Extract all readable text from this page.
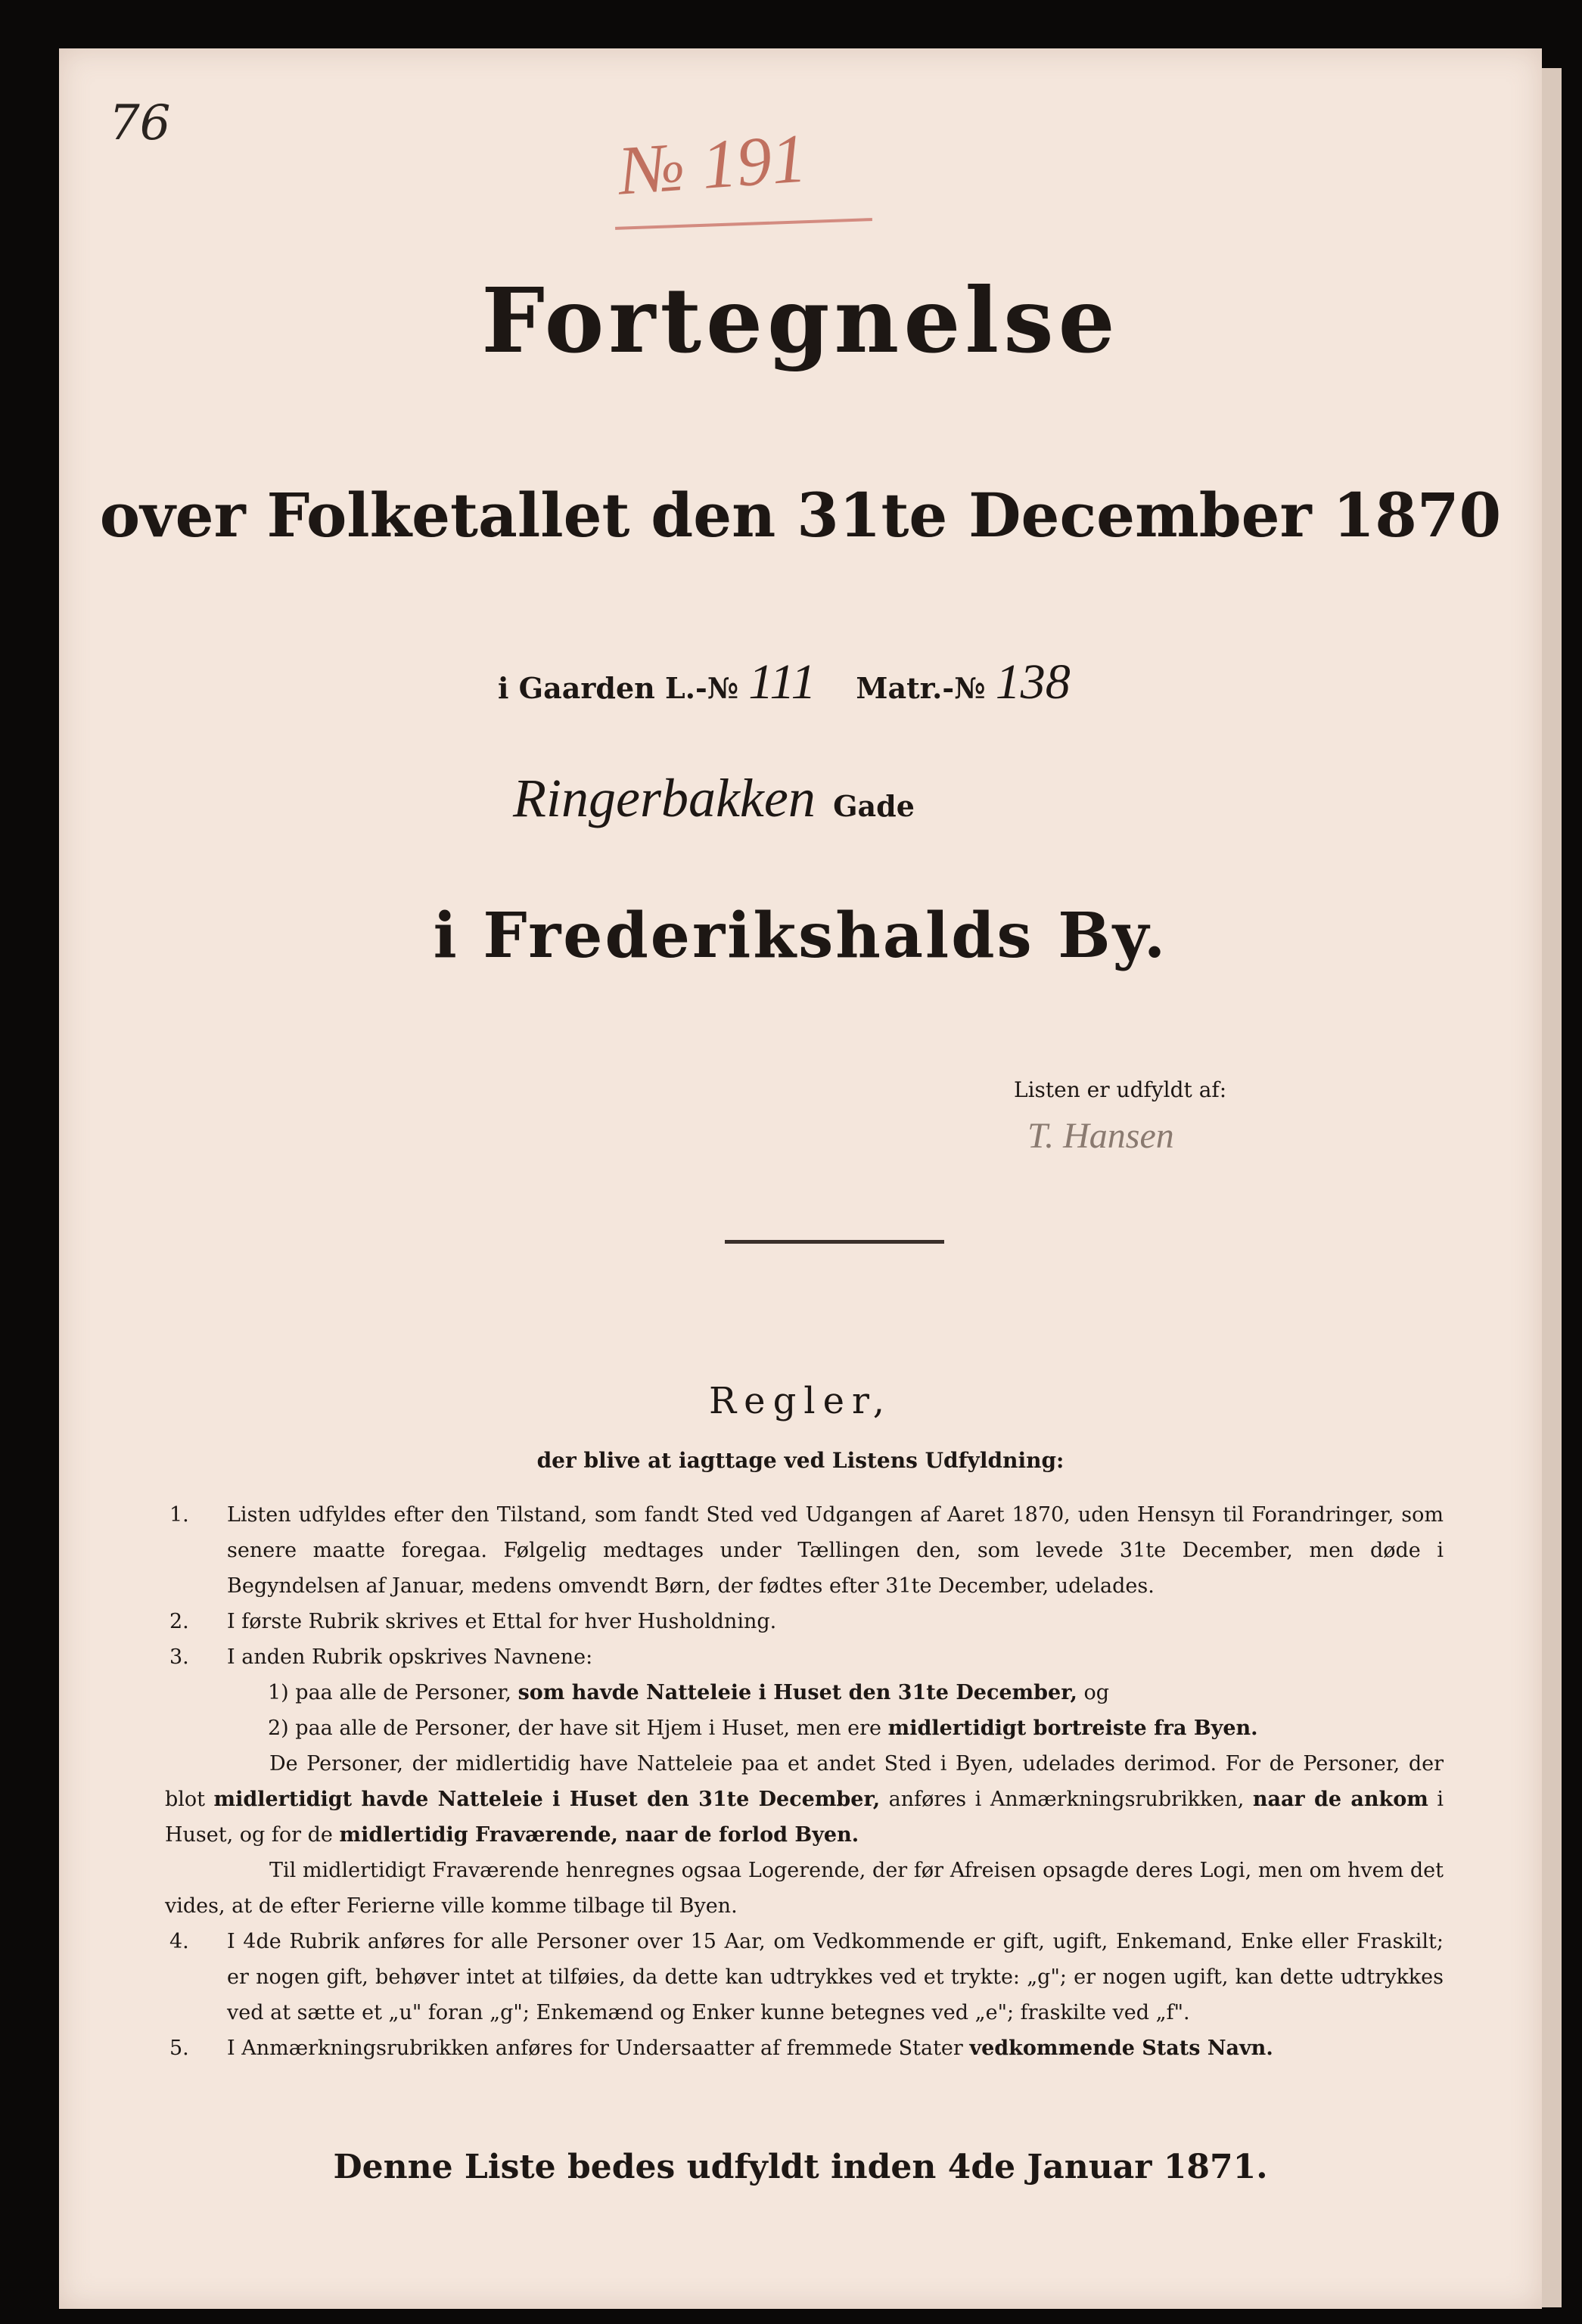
76	№ 191
Fortegnelse
over Folketallet den 31te December 1870
i Gaarden L.-№ 111 Matr.-№ 138
Ringerbakken Gade
i Frederikshalds By.
Listen er udfyldt af:
T. Hansen
Regler,
der blive at iagttage ved Listens Udfyldning:
1. Listen udfyldes efter den Tilstand, som fandt Sted ved Udgangen af Aaret 1870, uden Hensyn til Forandringer, som senere maatte foregaa. Følgelig medtages under Tællingen den, som levede 31te December, men døde i Begyndelsen af Januar, medens omvendt Børn, der fødtes efter 31te December, udelades.
2. I første Rubrik skrives et Ettal for hver Husholdning.
3. I anden Rubrik opskrives Navnene:
1) paa alle de Personer, som havde Natteleie i Huset den 31te December, og
2) paa alle de Personer, der have sit Hjem i Huset, men ere midlertidigt bortreiste fra Byen.
De Personer, der midlertidig have Natteleie paa et andet Sted i Byen, udelades derimod. For de Personer, der blot midlertidigt havde Natteleie i Huset den 31te December, anføres i Anmærkningsrubrikken, naar de ankom i Huset, og for de midlertidig Fraværende, naar de forlod Byen.
Til midlertidigt Fraværende henregnes ogsaa Logerende, der før Afreisen opsagde deres Logi, men om hvem det vides, at de efter Ferierne ville komme tilbage til Byen.
4. I 4de Rubrik anføres for alle Personer over 15 Aar, om Vedkommende er gift, ugift, Enkemand, Enke eller Fraskilt; er nogen gift, behøver intet at tilføies, da dette kan udtrykkes ved et trykte: „g"; er nogen ugift, kan dette udtrykkes ved at sætte et „u" foran „g"; Enkemænd og Enker kunne betegnes ved „e"; fraskilte ved „f".
5. I Anmærkningsrubrikken anføres for Undersaatter af fremmede Stater vedkommende Stats Navn.
Denne Liste bedes udfyldt inden 4de Januar 1871.
